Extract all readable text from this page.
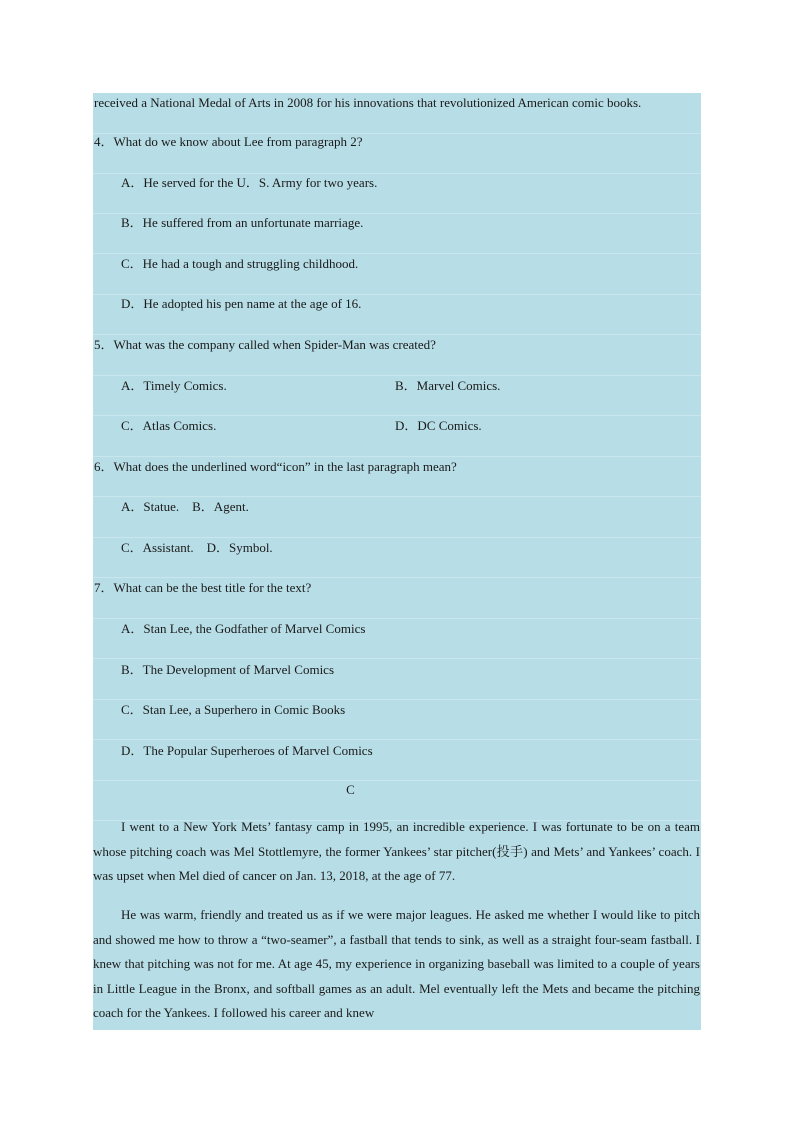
received a National Medal of Arts in 2008 for his innovations that revolutionized American comic books.
4．What do we know about Lee from paragraph 2?
A．He served for the U．S. Army for two years.
B．He suffered from an unfortunate marriage.
C．He had a tough and struggling childhood.
D．He adopted his pen name at the age of 16.
5．What was the company called when Spider-Man was created?
A．Timely Comics.	B．Marvel Comics.
C．Atlas Comics.	D．DC Comics.
6．What does the underlined word“icon” in the last paragraph mean?
A．Statue.　B．Agent.
C．Assistant.　D．Symbol.
7．What can be the best title for the text?
A．Stan Lee, the Godfather of Marvel Comics
B．The Development of Marvel Comics
C．Stan Lee, a Superhero in Comic Books
D．The Popular Superheroes of Marvel Comics
C
I went to a New York Mets’ fantasy camp in 1995, an incredible experience. I was fortunate to be on a team whose pitching coach was Mel Stottlemyre, the former Yankees’ star pitcher(投手) and Mets’ and Yankees’ coach. I was upset when Mel died of cancer on Jan. 13, 2018, at the age of 77.
He was warm, friendly and treated us as if we were major leagues. He asked me whether I would like to pitch and showed me how to throw a “two-seamer”, a fastball that tends to sink, as well as a straight four-seam fastball. I knew that pitching was not for me. At age 45, my experience in organizing baseball was limited to a couple of years in Little League in the Bronx, and softball games as an adult. Mel eventually left the Mets and became the pitching coach for the Yankees. I followed his career and knew
